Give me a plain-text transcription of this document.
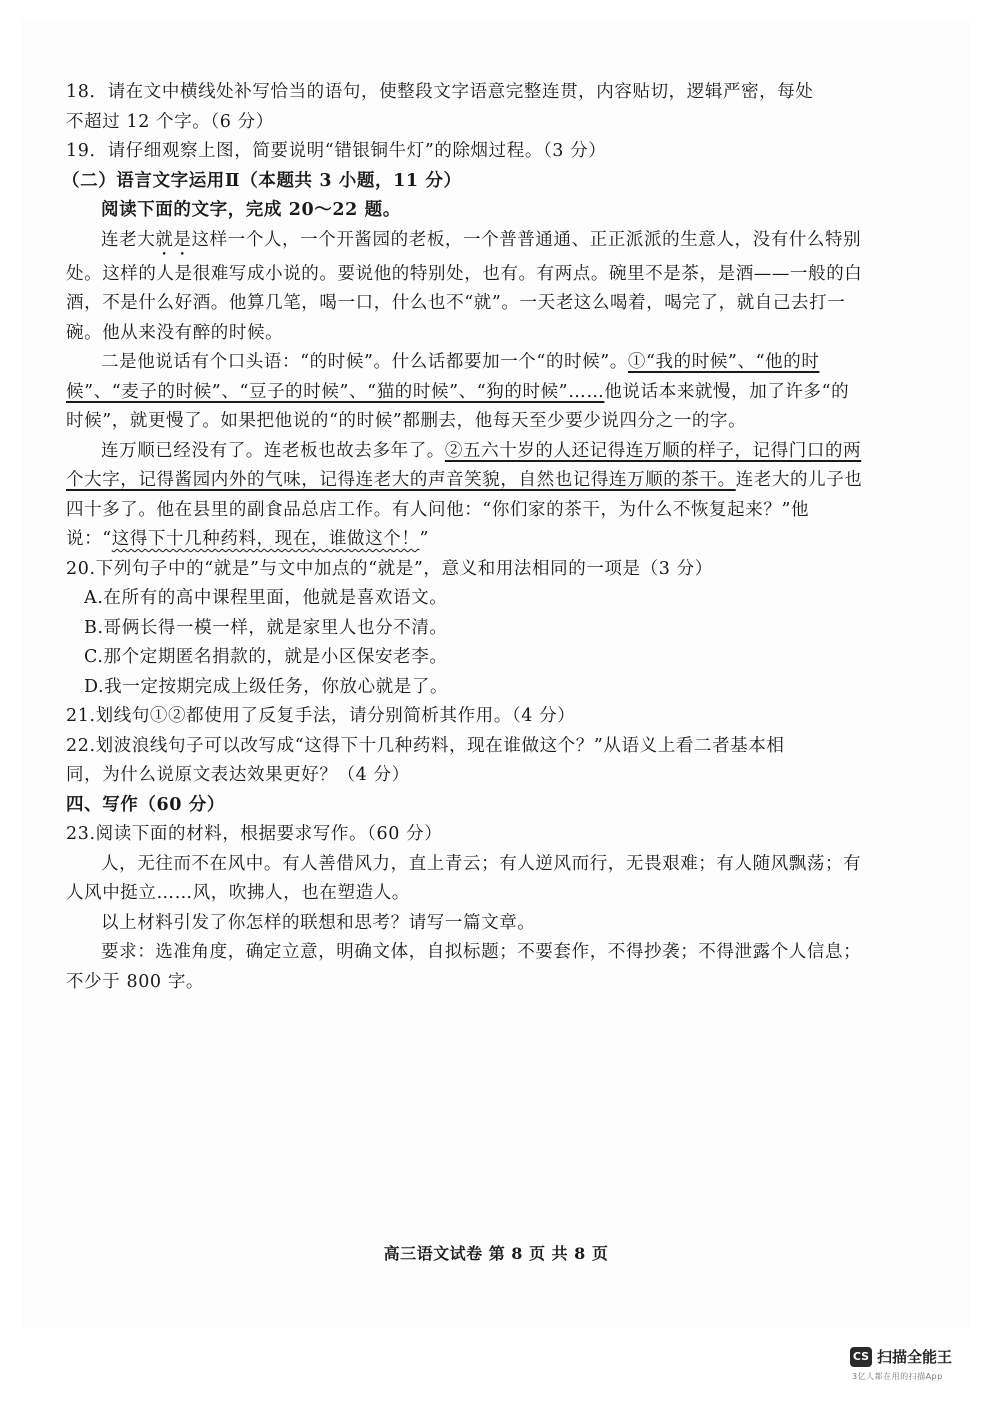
18．请在文中横线处补写恰当的语句，使整段文字语意完整连贯，内容贴切，逻辑严密，每处

不超过 12 个字。（6 分）

19．请仔细观察上图，简要说明“错银铜牛灯”的除烟过程。（3 分）

（二）语言文字运用Ⅱ（本题共 3 小题，11 分）

阅读下面的文字，完成 20～22 题。

连老大就是这样一个人，一个开酱园的老板，一个普普通通、正正派派的生意人，没有什么特别处。这样的人是很难写成小说的。要说他的特别处，也有。有两点。碗里不是茶，是酒——一般的白酒，不是什么好酒。他算几笔，喝一口，什么也不“就”。一天老这么喝着，喝完了，就自己去打一碗。他从来没有醉的时候。

二是他说话有个口头语：“的时候”。什么话都要加一个“的时候”。①“我的时候”、“他的时候”、“麦子的时候”、“豆子的时候”、“猫的时候”、“狗的时候”……他说话本来就慢，加了许多“的时候”，就更慢了。如果把他说的“的时候”都删去，他每天至少要少说四分之一的字。

连万顺已经没有了。连老板也故去多年了。②五六十岁的人还记得连万顺的样子，记得门口的两个大字，记得酱园内外的气味，记得连老大的声音笑貌，自然也记得连万顺的茶干。连老大的儿子也四十多了。他在县里的副食品总店工作。有人问他：“你们家的茶干，为什么不恢复起来？”他说：“这得下十几种药料，现在，谁做这个！”

20.下列句子中的“就是”与文中加点的“就是”，意义和用法相同的一项是（3 分）

A.在所有的高中课程里面，他就是喜欢语文。

B.哥俩长得一模一样，就是家里人也分不清。

C.那个定期匿名捐款的，就是小区保安老李。

D.我一定按期完成上级任务，你放心就是了。

21.划线句①②都使用了反复手法，请分别简析其作用。（4 分）

22.划波浪线句子可以改写成“这得下十几种药料，现在谁做这个？”从语义上看二者基本相

同，为什么说原文表达效果更好？（4 分）

四、写作（60 分）

23.阅读下面的材料，根据要求写作。（60 分）

人，无往而不在风中。有人善借风力，直上青云；有人逆风而行，无畏艰难；有人随风飘荡；有人风中挺立……风，吹拂人，也在塑造人。

以上材料引发了你怎样的联想和思考？请写一篇文章。

要求：选准角度，确定立意，明确文体，自拟标题；不要套作，不得抄袭；不得泄露个人信息；不少于 800 字。

高三语文试卷 第 8 页 共 8 页
CS 扫描全能王
3亿人都在用的扫描App
